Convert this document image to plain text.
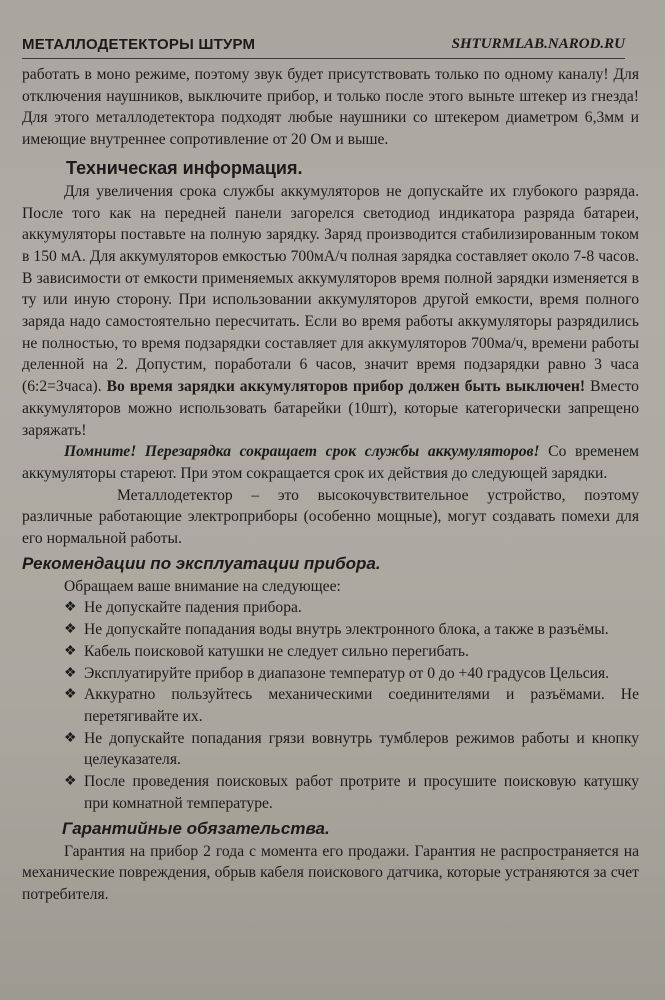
МЕТАЛЛОДЕТЕКТОРЫ ШТУРМ	SHTURMLAB.NAROD.RU

работать в моно режиме, поэтому звук будет присутствовать только по одному каналу! Для отключения наушников, выключите прибор, и только после этого выньте штекер из гнезда! Для этого металлодетектора подходят любые наушники со штекером диаметром 6,3мм и имеющие внутреннее сопротивление от 20 Ом и выше.

Техническая информация.

Для увеличения срока службы аккумуляторов не допускайте их глубокого разряда. После того как на передней панели загорелся светодиод индикатора разряда батареи, аккумуляторы поставьте на полную зарядку. Заряд производится стабилизированным током в 150 мА. Для аккумуляторов емкостью 700мА/ч полная зарядка составляет около 7-8 часов. В зависимости от емкости применяемых аккумуляторов время полной зарядки изменяется в ту или иную сторону. При использовании аккумуляторов другой емкости, время полного заряда надо самостоятельно пересчитать. Если во время работы аккумуляторы разрядились не полностью, то время подзарядки составляет для аккумуляторов 700ма/ч, времени работы деленной на 2. Допустим, поработали 6 часов, значит время подзарядки равно 3 часа (6:2=3часа). Во время зарядки аккумуляторов прибор должен быть выключен! Вместо аккумуляторов можно использовать батарейки (10шт), которые категорически запрещено заряжать!

Помните! Перезарядка сокращает срок службы аккумуляторов! Со временем аккумуляторы стареют. При этом сокращается срок их действия до следующей зарядки.

Металлодетектор – это высокочувствительное устройство, поэтому различные работающие электроприборы (особенно мощные), могут создавать помехи для его нормальной работы.

Рекомендации по эксплуатации прибора.

Обращаем ваше внимание на следующее:

❖ Не допускайте падения прибора.
❖ Не допускайте попадания воды внутрь электронного блока, а также в разъёмы.
❖ Кабель поисковой катушки не следует сильно перегибать.
❖ Эксплуатируйте прибор в диапазоне температур от 0 до +40 градусов Цельсия.
❖ Аккуратно пользуйтесь механическими соединителями и разъёмами. Не перетягивайте их.
❖ Не допускайте попадания грязи вовнутрь тумблеров режимов работы и кнопку целеуказателя.
❖ После проведения поисковых работ протрите и просушите поисковую катушку при комнатной температуре.
Гарантийные обязательства.

Гарантия на прибор 2 года с момента его продажи. Гарантия не распространяется на механические повреждения, обрыв кабеля поискового датчика, которые устраняются за счет потребителя.
